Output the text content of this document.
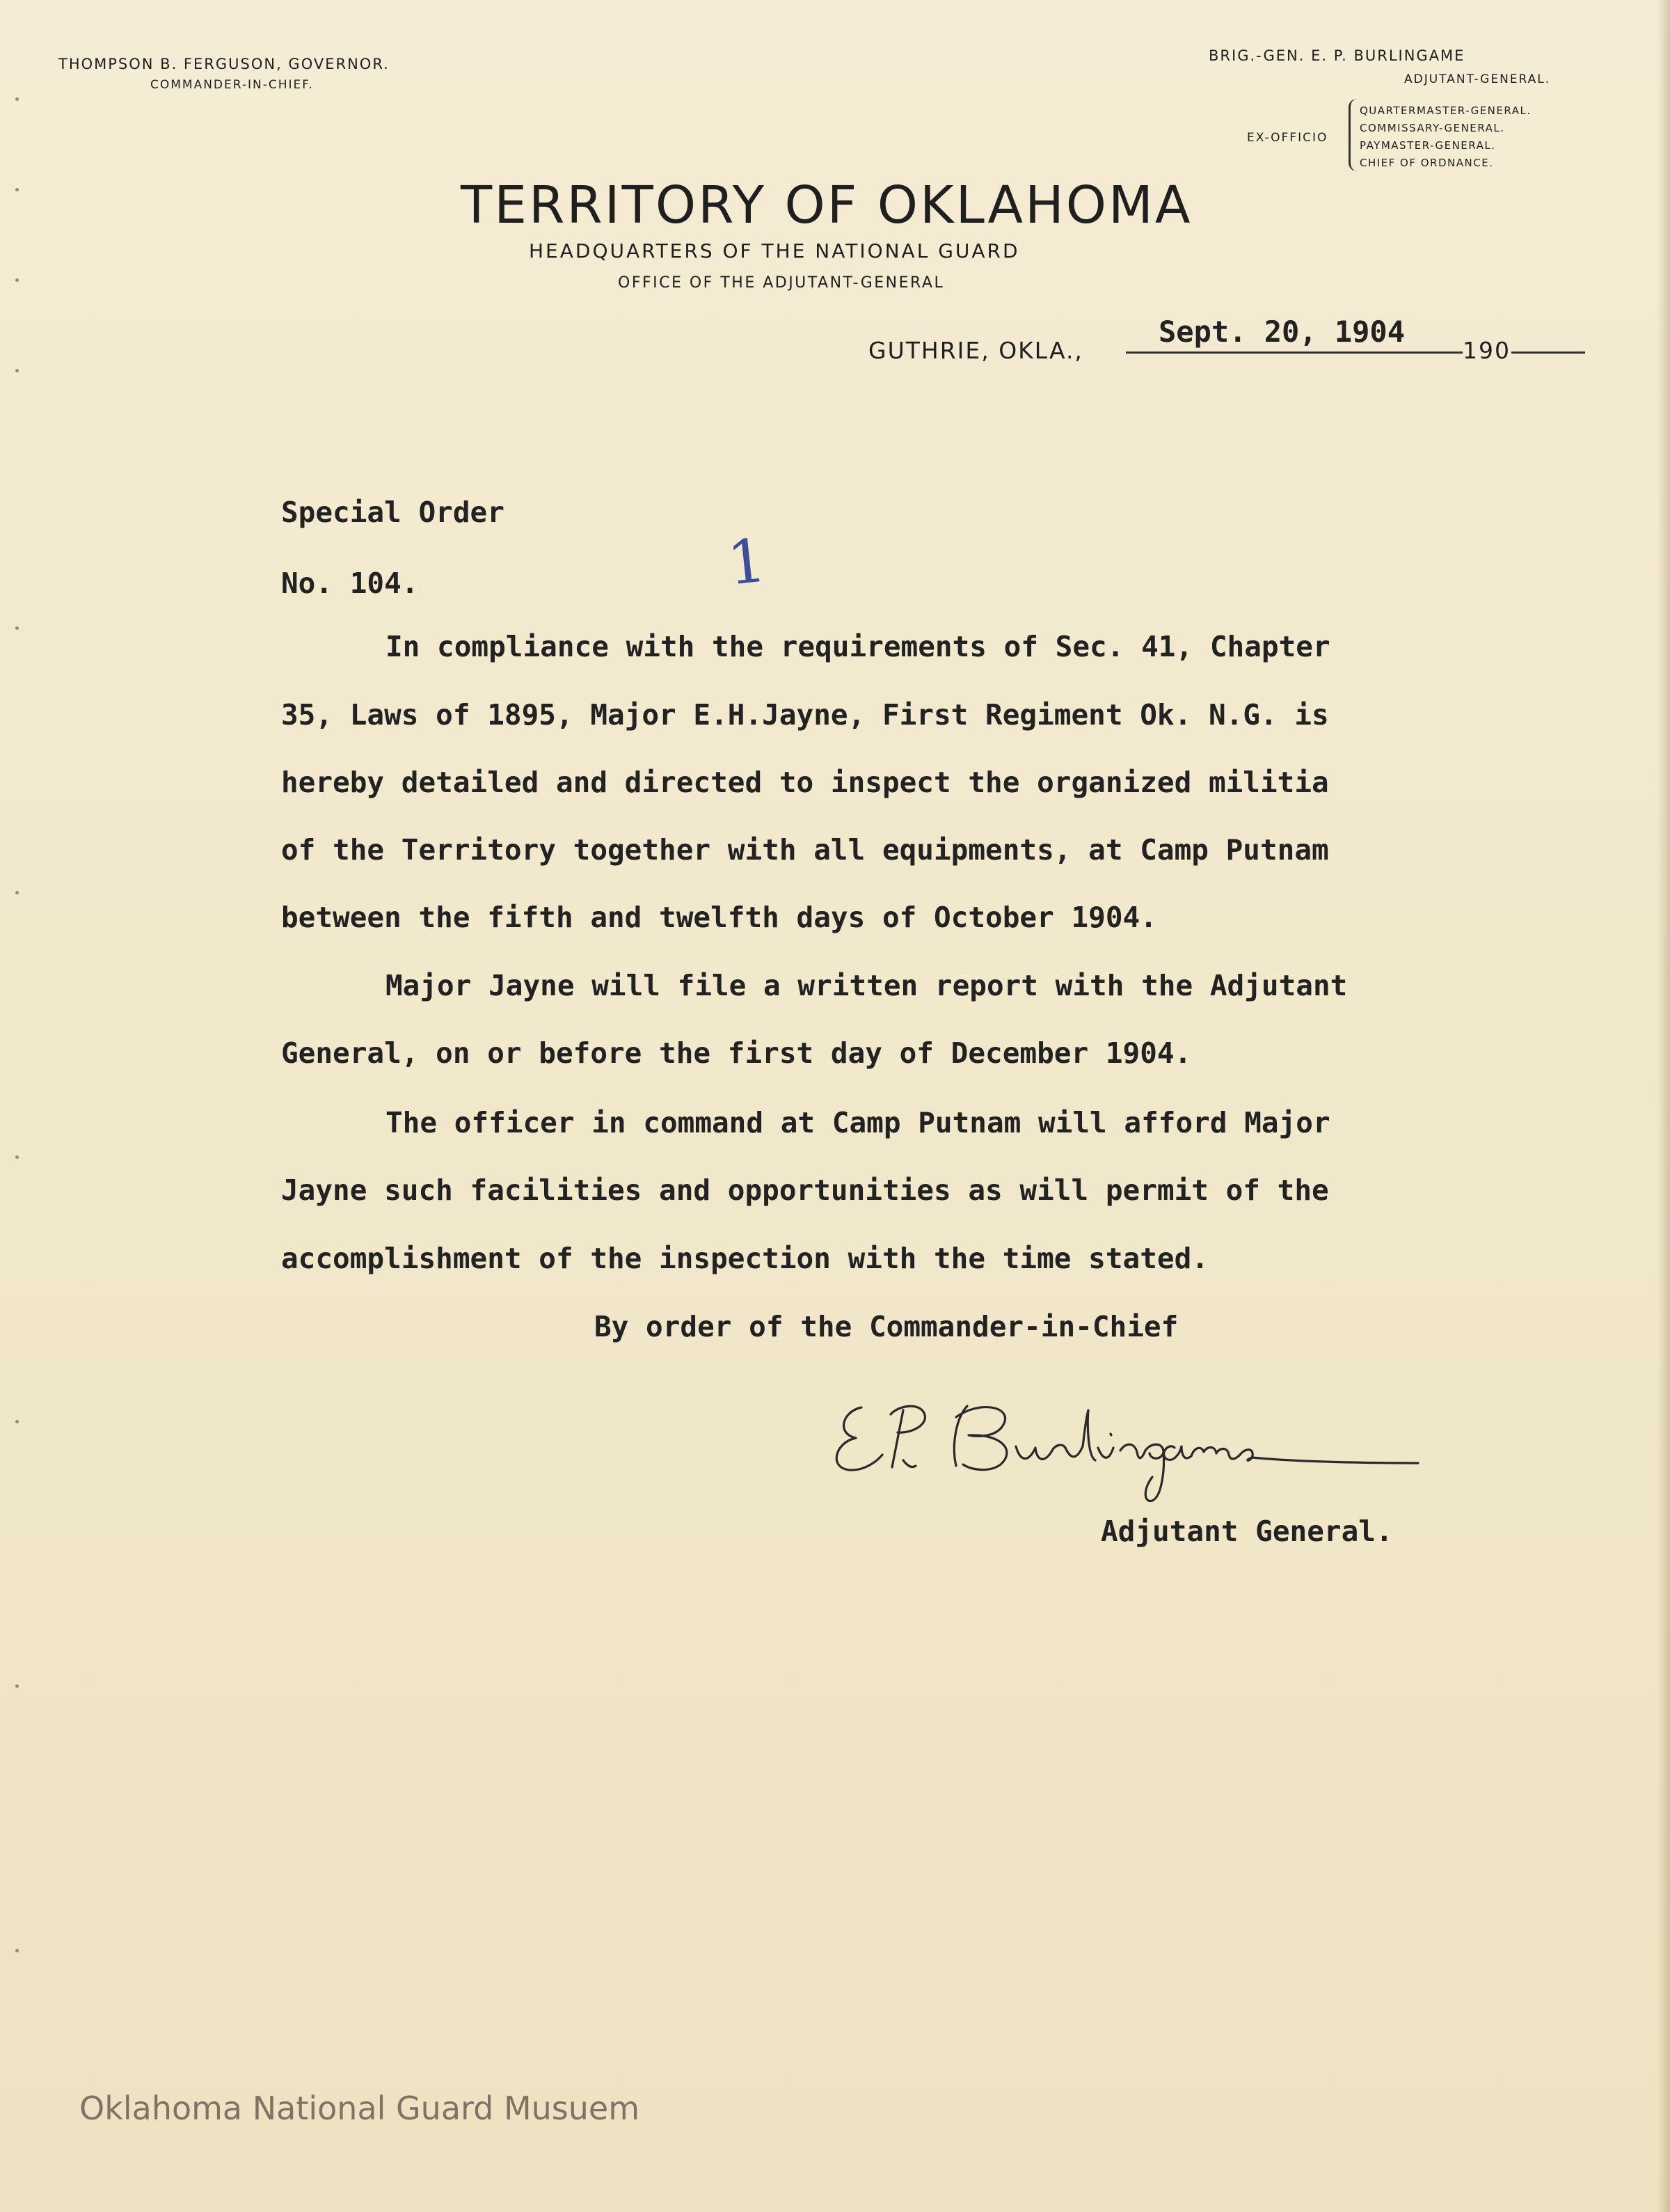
THOMPSON B. FERGUSON, GOVERNOR.
COMMANDER-IN-CHIEF.
BRIG.-GEN. E. P. BURLINGAME
ADJUTANT-GENERAL.
EX-OFFICIO
QUARTERMASTER-GENERAL.
COMMISSARY-GENERAL.
PAYMASTER-GENERAL.
CHIEF OF ORDNANCE.
TERRITORY OF OKLAHOMA
HEADQUARTERS OF THE NATIONAL GUARD
OFFICE OF THE ADJUTANT-GENERAL
GUTHRIE, OKLA.,
Sept. 20, 1904
190
Special Order
No. 104.	1
In compliance with the requirements of Sec. 41, Chapter
35, Laws of 1895, Major E.H.Jayne, First Regiment Ok. N.G. is
hereby detailed and directed to inspect the organized militia
of the Territory together with all equipments, at Camp Putnam
between the fifth and twelfth days of October 1904.
Major Jayne will file a written report with the Adjutant
General, on or before the first day of December 1904.
The officer in command at Camp Putnam will afford Major
Jayne such facilities and opportunities as will permit of the
accomplishment of the inspection with the time stated.
By order of the Commander-in-Chief
Adjutant General.
Oklahoma National Guard Musuem
